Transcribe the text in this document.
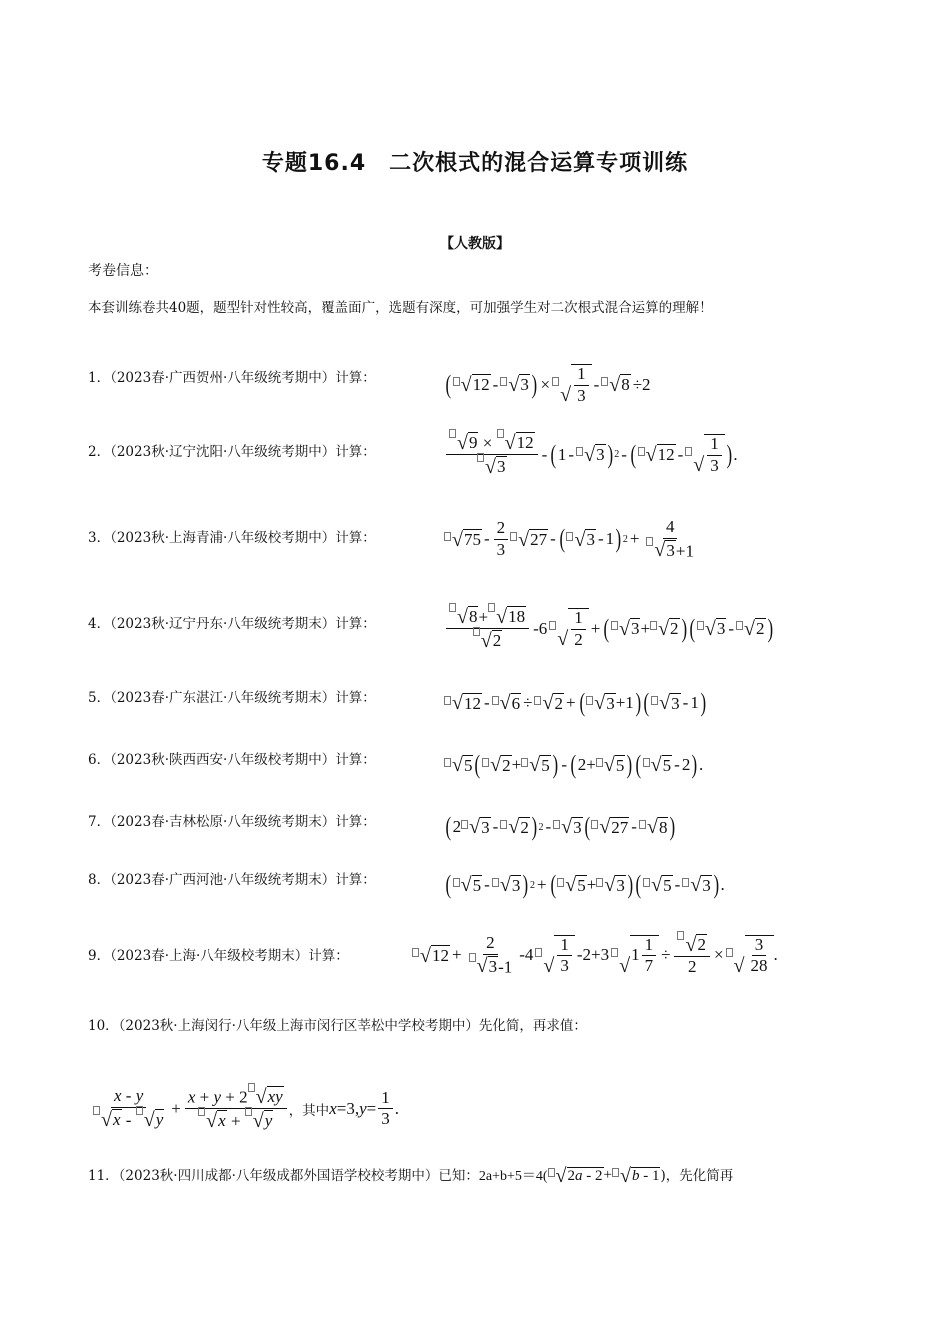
专题16.4　二次根式的混合运算专项训练
【人教版】
考卷信息：
本套训练卷共40题，题型针对性较高，覆盖面广，选题有深度，可加强学生对二次根式混合运算的理解！
1．（2023春·广西贺州·八年级统考期中）计算：	( √ 12 - √ 3 ) ×
√ $\frac{1}{3}$ - √ 8 ÷2
2．（2023秋·辽宁沈阳·八年级统考期中）计算：	$\frac{√ 9 \times √ 12}{√ 3}$ - ( 1 - √ 3 ) 2 - ( √ 12 -
√ $\frac{1}{3}$ ) .
3．（2023秋·上海青浦·八年级校考期中）计算：	√ $75 - \frac{2}{3}$ √ 27 - ( √ 3 - 1 ) $2 + \frac{4}{√ 3 +1}$
4．（2023秋·辽宁丹东·八年级统考期末）计算：	$\frac{√ 8 + √ 18}{√ 2} -6$
√ $\frac{1}{2}$ + ( √ 3 + √ 2 ) ( √ 3 - √ 2 )
5．（2023春·广东湛江·八年级统考期末）计算：	√ 12 - √ 6 ÷ √ 2 + ( √ 3 +1 ) ( √ 3 - 1 )
6．（2023秋·陕西西安·八年级校考期中）计算：	√ 5 ( √ 2 + √ 5 ) - ( 2+ √ 5 ) ( √ 5 - 2 ) .
7．（2023春·吉林松原·八年级统考期末）计算：	( 2 √ 3 - √ 2 ) 2 - √ 3 ( √ 27 - √ 8 )
8．（2023春·广西河池·八年级统考期末）计算：	( √ 5 - √ 3 ) 2 + ( √ 5 + √ 3 ) ( √ 5 - √ 3 ) .
9．（2023春·上海·八年级校考期末）计算：	√ $12 + \frac{2}{√ 3 -1} -4$
√ $\frac{1}{3} -2+3$
√
$1 \frac{1}{7} \div \frac{√ 2}{2}$ ×
√ $\frac{3}{28}$ .
10．（2023秋·上海闵行·八年级上海市闵行区莘松中学校考期中）先化简，再求值：
$\frac{x - y}{√ x - √ y} + \frac{x + y + 2 √ xy}{√ x + √ y}$ ，其中 x =3, $y = \frac{1}{3}$ .
11．（2023秋·四川成都·八年级成都外国语学校校考期中）已知：2a+b+5＝4( √ 2a - 2 + √ b - 1 )，先化简再
